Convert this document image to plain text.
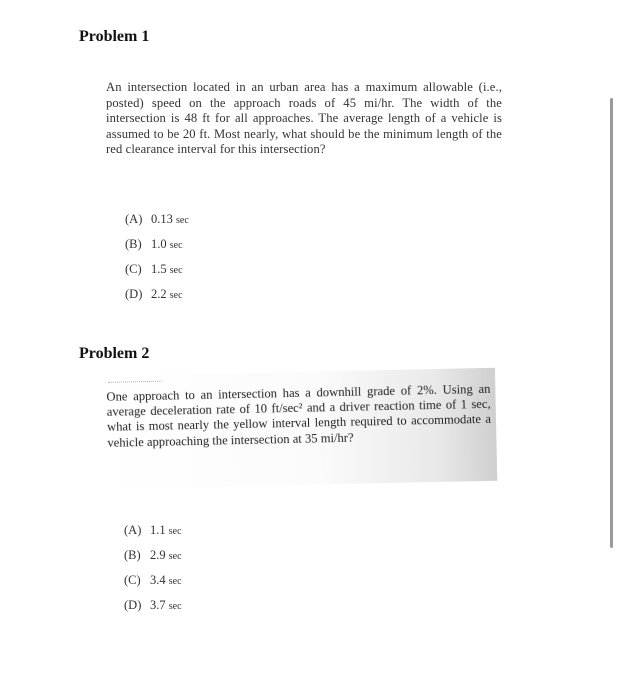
Problem 1
An intersection located in an urban area has a maximum allowable (i.e., posted) speed on the approach roads of 45 mi/hr. The width of the intersection is 48 ft for all approaches. The average length of a vehicle is assumed to be 20 ft. Most nearly, what should be the minimum length of the red clearance interval for this intersection?
(A) 0.13 sec
(B) 1.0 sec
(C) 1.5 sec
(D) 2.2 sec
Problem 2
One approach to an intersection has a downhill grade of 2%. Using an average deceleration rate of 10 ft/sec² and a driver reaction time of 1 sec, what is most nearly the yellow interval length required to accommodate a vehicle approaching the intersection at 35 mi/hr?
(A) 1.1 sec
(B) 2.9 sec
(C) 3.4 sec
(D) 3.7 sec
